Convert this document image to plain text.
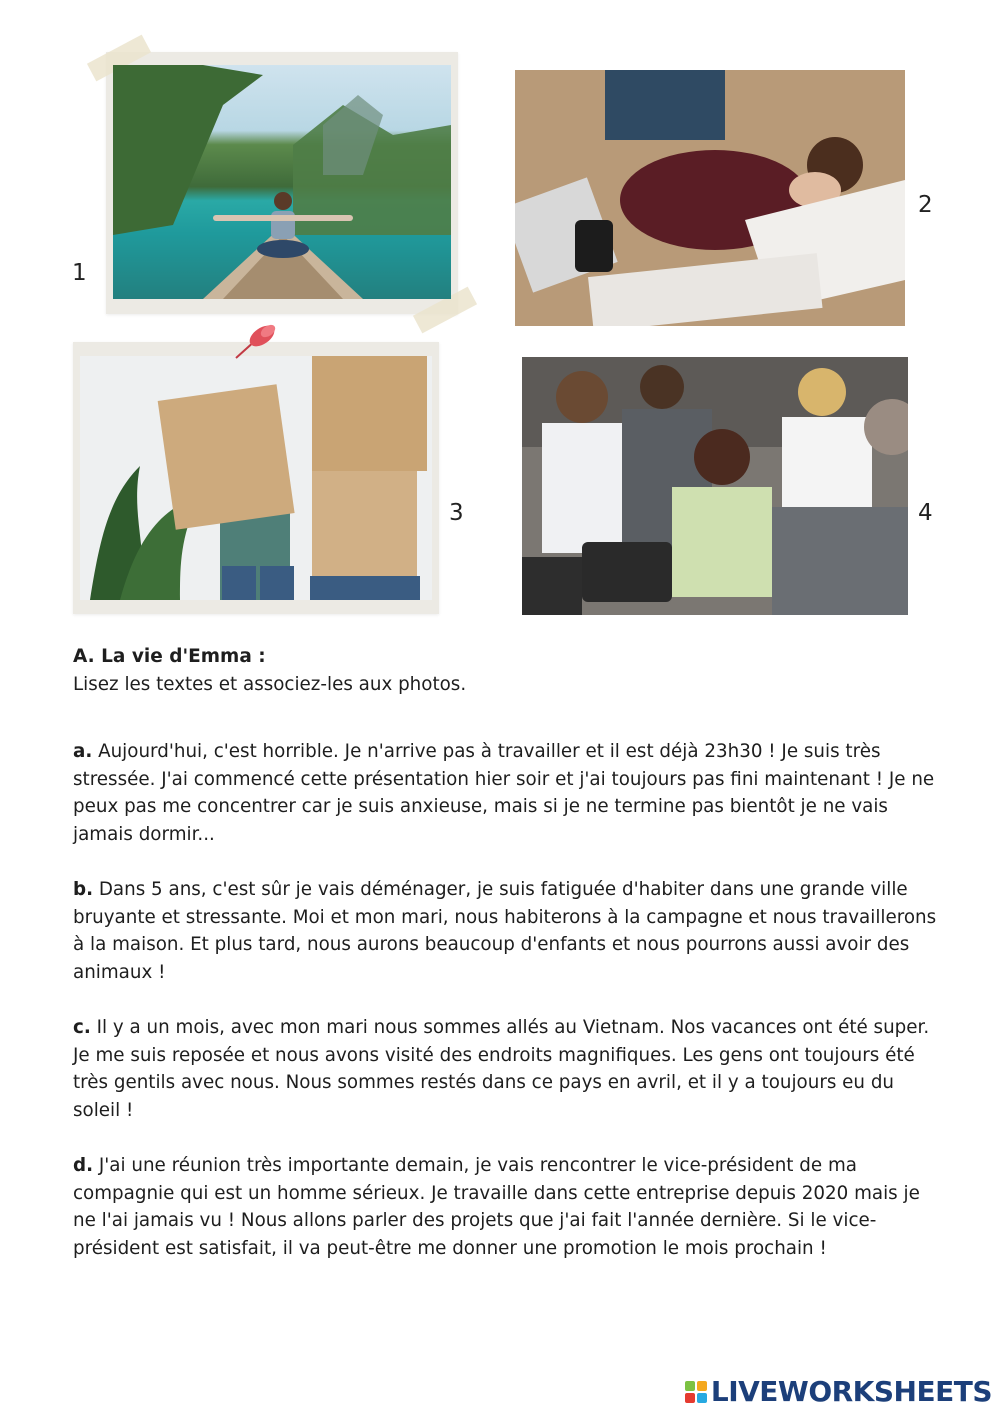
1
2
3	4
A. La vie d'Emma :
Lisez les textes et associez-les aux photos.
a. Aujourd'hui, c'est horrible. Je n'arrive pas à travailler et il est déjà 23h30 ! Je suis très stressée. J'ai commencé cette présentation hier soir et j'ai toujours pas fini maintenant ! Je ne peux pas me concentrer car je suis anxieuse, mais si je ne termine pas bientôt je ne vais jamais dormir...
b. Dans 5 ans, c'est sûr je vais déménager, je suis fatiguée d'habiter dans une grande ville bruyante et stressante. Moi et mon mari, nous habiterons à la campagne et nous travaillerons à la maison. Et plus tard, nous aurons beaucoup d'enfants et nous pourrons aussi avoir des animaux !
c. Il y a un mois, avec mon mari nous sommes allés au Vietnam. Nos vacances ont été super. Je me suis reposée et nous avons visité des endroits magnifiques. Les gens ont toujours été très gentils avec nous. Nous sommes restés dans ce pays en avril, et il y a toujours eu du soleil !
d. J'ai une réunion très importante demain, je vais rencontrer le vice-président de ma compagnie qui est un homme sérieux. Je travaille dans cette entreprise depuis 2020 mais je ne l'ai jamais vu ! Nous allons parler des projets que j'ai fait l'année dernière. Si le vice-président est satisfait, il va peut-être me donner une promotion le mois prochain !
LIVEWORKSHEETS
